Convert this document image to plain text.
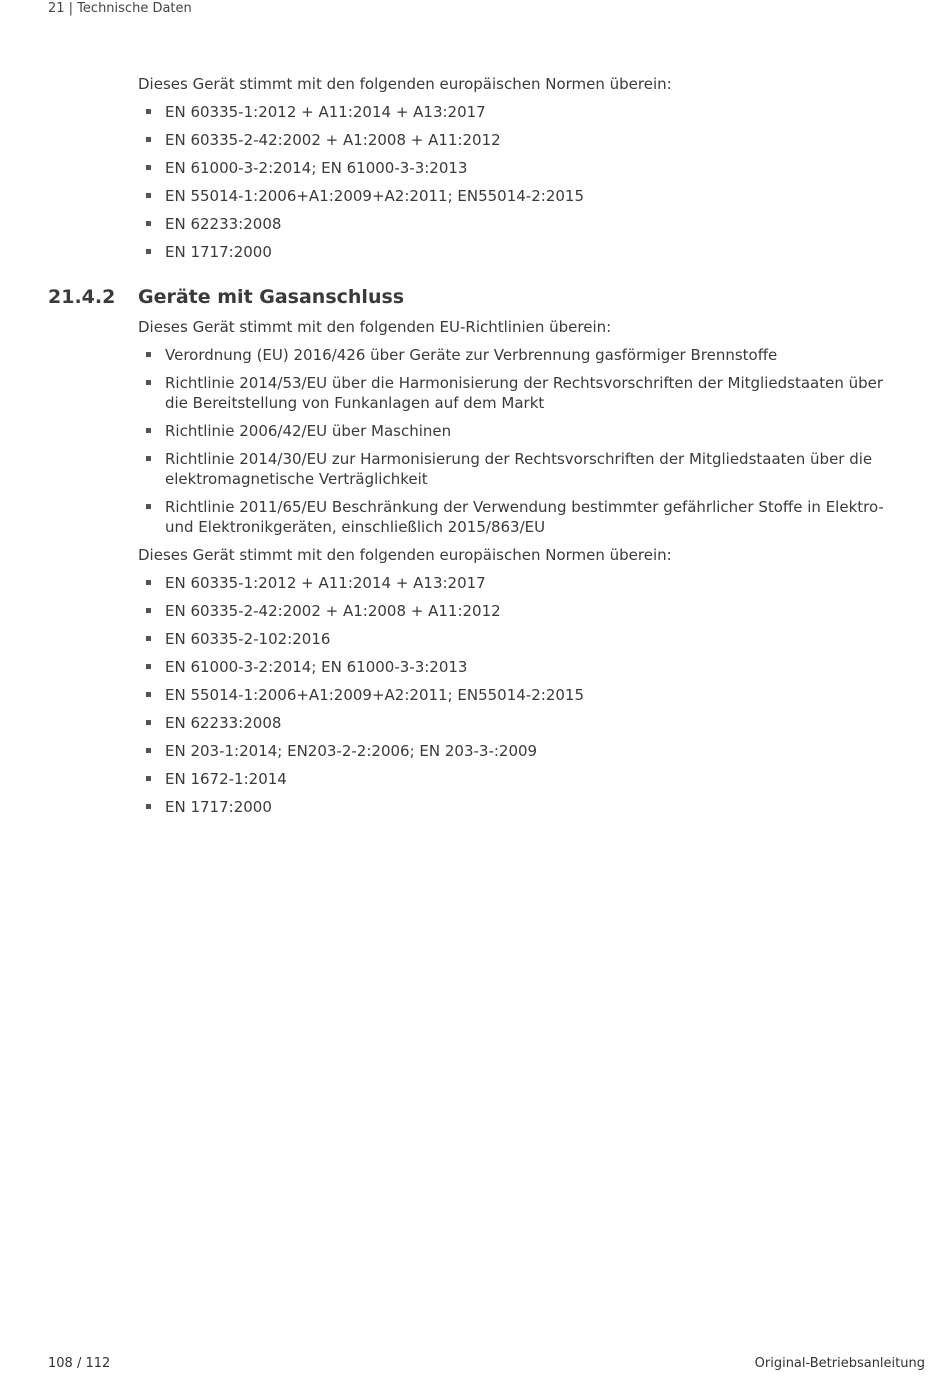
21 | Technische Daten

Dieses Gerät stimmt mit den folgenden europäischen Normen überein:

EN 60335-1:2012 + A11:2014 + A13:2017
EN 60335-2-42:2002 + A1:2008 + A11:2012
EN 61000-3-2:2014; EN 61000-3-3:2013
EN 55014-1:2006+A1:2009+A2:2011; EN55014-2:2015
EN 62233:2008
EN 1717:2000
21.4.2 Geräte mit Gasanschluss

Dieses Gerät stimmt mit den folgenden EU-Richtlinien überein:

Verordnung (EU) 2016/426 über Geräte zur Verbrennung gasförmiger Brennstoffe
Richtlinie 2014/53/EU über die Harmonisierung der Rechtsvorschriften der Mitgliedstaaten über die Bereitstellung von Funkanlagen auf dem Markt
Richtlinie 2006/42/EU über Maschinen
Richtlinie 2014/30/EU zur Harmonisierung der Rechtsvorschriften der Mitgliedstaaten über die elektromagnetische Verträglichkeit
Richtlinie 2011/65/EU Beschränkung der Verwendung bestimmter gefährlicher Stoffe in Elektro- und Elektronikgeräten, einschließlich 2015/863/EU

Dieses Gerät stimmt mit den folgenden europäischen Normen überein:

EN 60335-1:2012 + A11:2014 + A13:2017
EN 60335-2-42:2002 + A1:2008 + A11:2012
EN 60335-2-102:2016
EN 61000-3-2:2014; EN 61000-3-3:2013
EN 55014-1:2006+A1:2009+A2:2011; EN55014-2:2015
EN 62233:2008
EN 203-1:2014; EN203-2-2:2006; EN 203-3-:2009
EN 1672-1:2014
EN 1717:2000
108 / 112	Original-Betriebsanleitung
